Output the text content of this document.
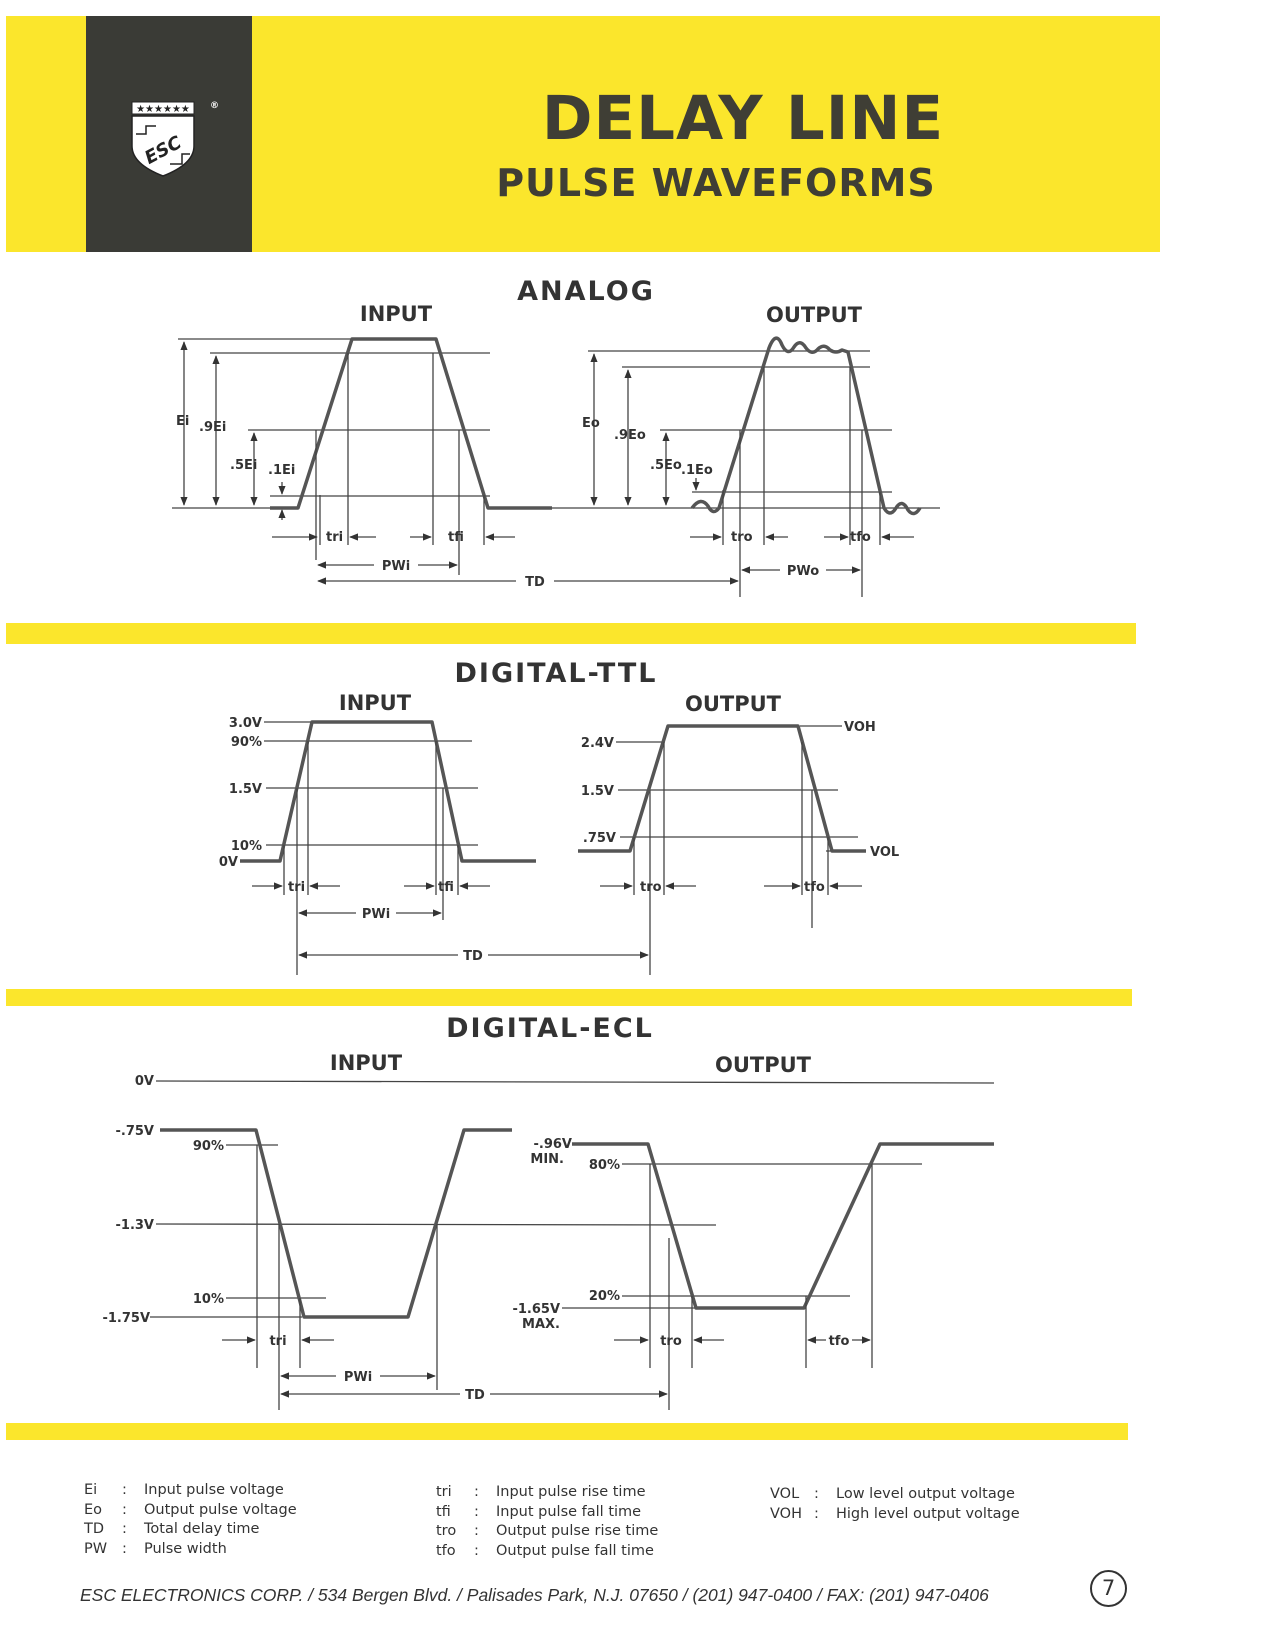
★★★★★★
ESC
®	DELAY LINE
PULSE WAVEFORMS
ANALOG
INPUT	OUTPUT
Ei .9Ei
.5Ei .1Ei
tri	tfi
PWi
Eo
.9Eo
.5Eo .1Eo
tro	tfo
PWo
TD
DIGITAL-TTL
INPUT	OUTPUT
3.0V
90%
1.5V
10%
0V
tri	tfi
PWi
TD
2.4V
1.5V
.75V
VOH
VOL
tro	tfo
DIGITAL-ECL
INPUT	OUTPUT
0V
-.75V
90%
-1.3V
10%
-1.75V
tri
PWi
TD
-.96V
MIN. 80%
20%
-1.65V
MAX.
tro	tfo
Ei : Input pulse voltage
Eo : Output pulse voltage
TD : Total delay time
PW : Pulse width
tri : Input pulse rise time
tfi : Input pulse fall time
tro : Output pulse rise time
tfo : Output pulse fall time
VOL : Low level output voltage
VOH : High level output voltage
ESC ELECTRONICS CORP. / 534 Bergen Blvd. / Palisades Park, N.J. 07650 / (201) 947-0400 / FAX: (201) 947-0406	7
